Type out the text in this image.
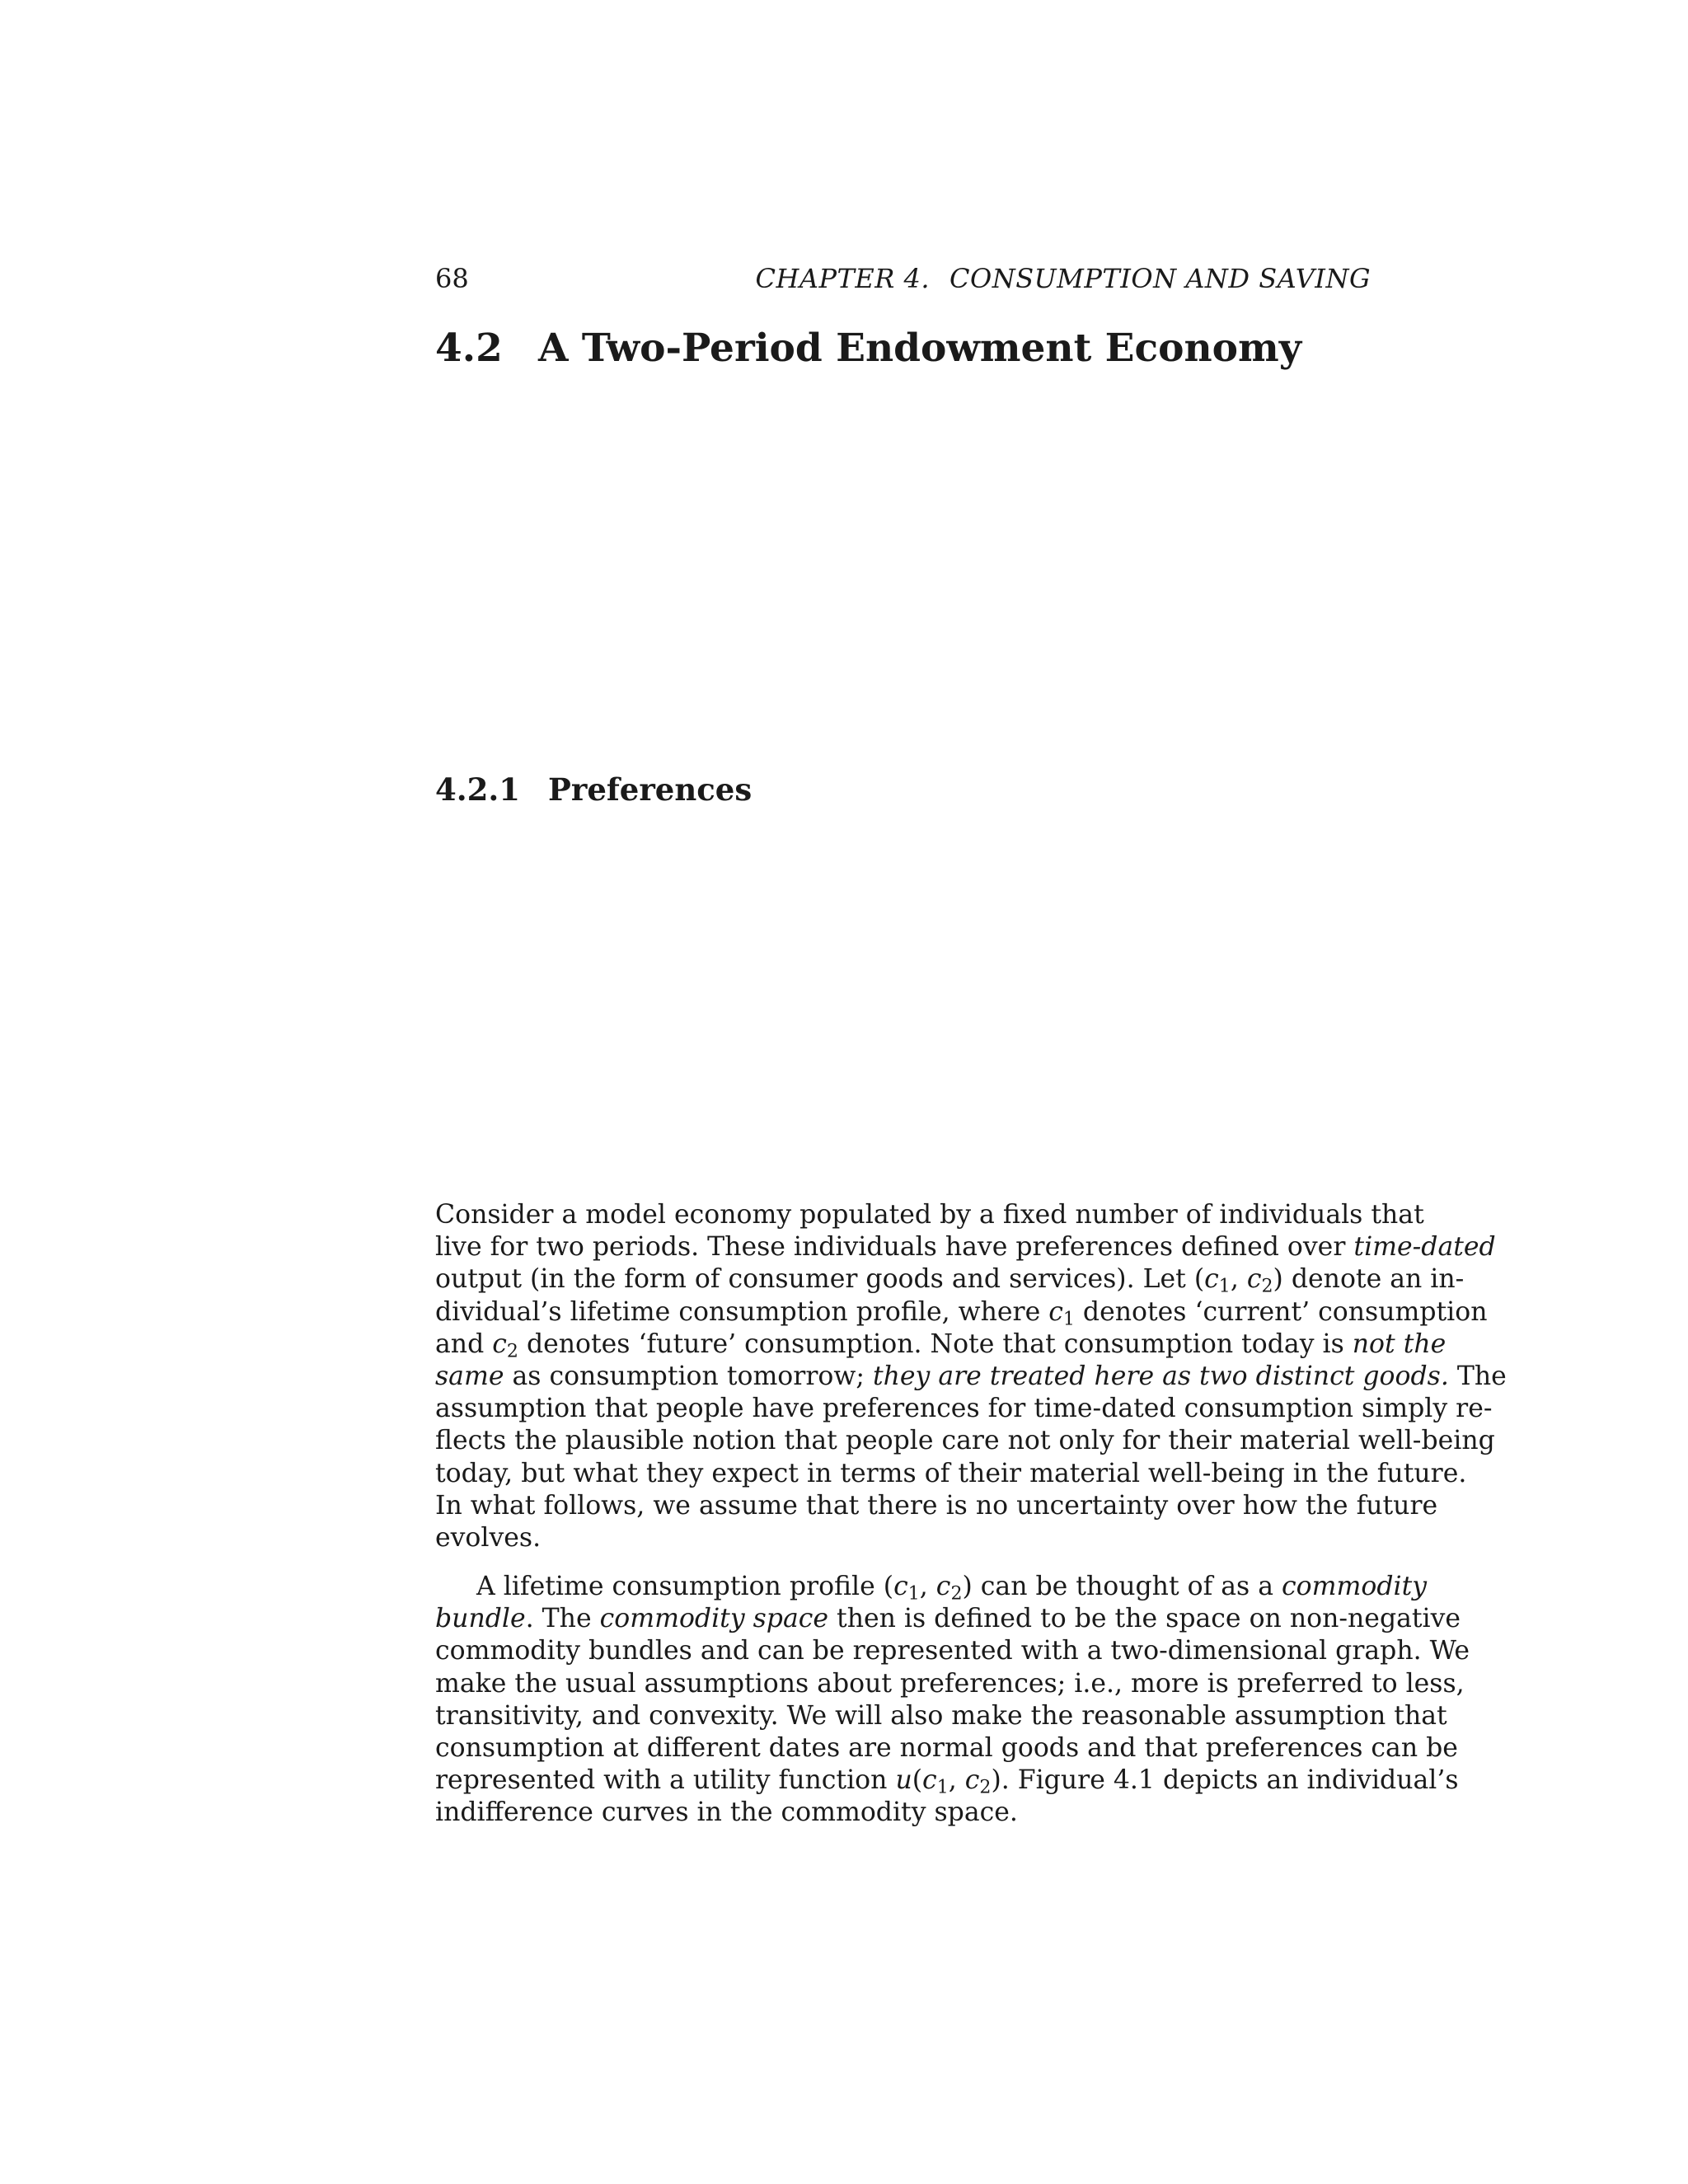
68	CHAPTER 4. CONSUMPTION AND SAVING
4.2 A Two-Period Endowment Economy
4.2.1 Preferences
Consider a model economy populated by a fixed number of individuals that
live for two periods. These individuals have preferences defined over time-dated
output (in the form of consumer goods and services). Let ($c_1$, $c_2$) denote an in-
dividual’s lifetime consumption profile, where $c_1$ denotes ‘current’ consumption
and $c_2$ denotes ‘future’ consumption. Note that consumption today is not the
same as consumption tomorrow; they are treated here as two distinct goods. The
assumption that people have preferences for time-dated consumption simply re-
flects the plausible notion that people care not only for their material well-being
today, but what they expect in terms of their material well-being in the future.
In what follows, we assume that there is no uncertainty over how the future
evolves.
A lifetime consumption profile ($c_1$, $c_2$) can be thought of as a commodity
bundle. The commodity space then is defined to be the space on non-negative
commodity bundles and can be represented with a two-dimensional graph. We
make the usual assumptions about preferences; i.e., more is preferred to less,
transitivity, and convexity. We will also make the reasonable assumption that
consumption at different dates are normal goods and that preferences can be
represented with a utility function $u(c_1$, $c_2$). Figure 4.1 depicts an individual’s
indifference curves in the commodity space.
